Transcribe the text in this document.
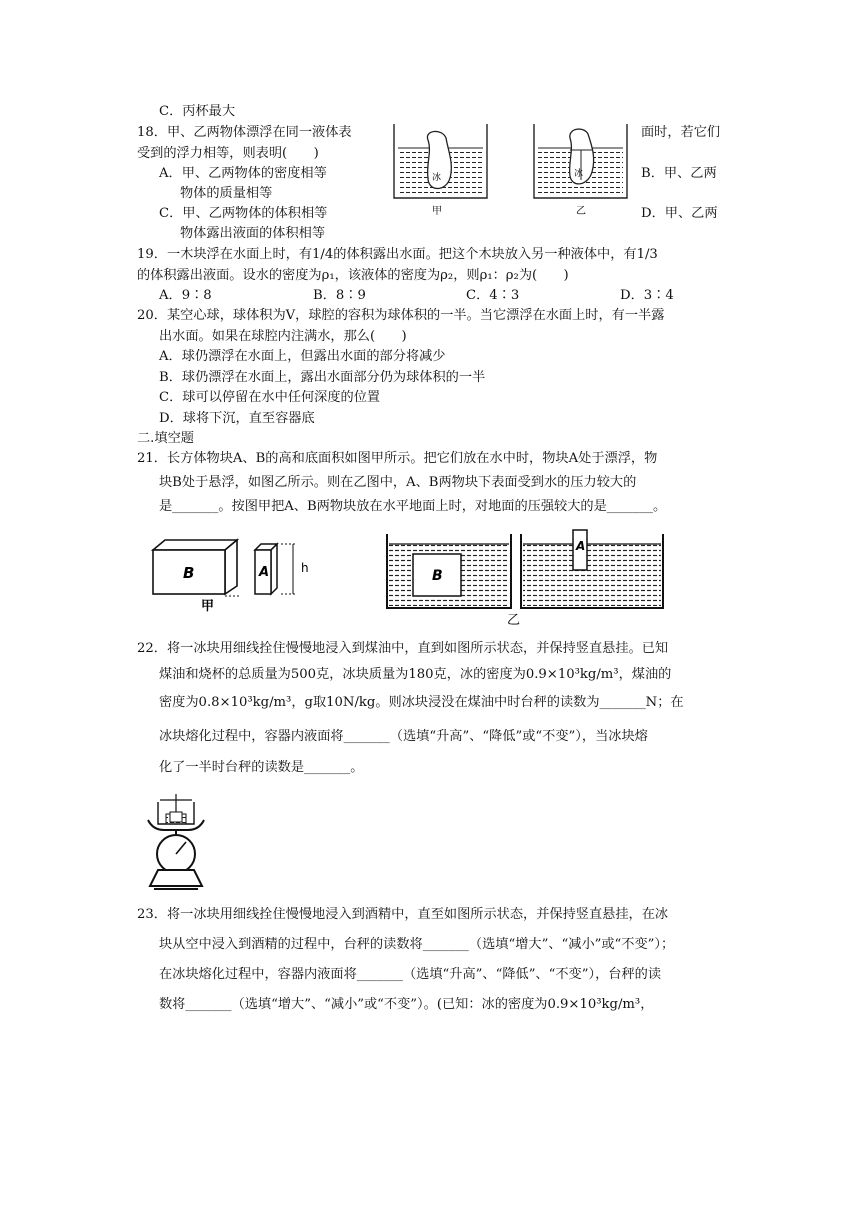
C．丙杯最大
18．甲、乙两物体漂浮在同一液体表	面时，若它们
受到的浮力相等，则表明(　　)
A．甲、乙两物体的密度相等	B．甲、乙两
物体的质量相等
C．甲、乙两物体的体积相等	D．甲、乙两
物体露出液面的体积相等
冰
甲
冰
乙
19．一木块浮在水面上时，有1/4的体积露出水面。把这个木块放入另一种液体中，有1/3
的体积露出液面。设水的密度为ρ₁，该液体的密度为ρ₂，则ρ₁：ρ₂为(　　)
A．9∶8	B．8∶9	C．4∶3	D．3∶4
20．某空心球，球体积为V，球腔的容积为球体积的一半。当它漂浮在水面上时，有一半露
出水面。如果在球腔内注满水，那么(　　)
A．球仍漂浮在水面上，但露出水面的部分将减少
B．球仍漂浮在水面上，露出水面部分仍为球体积的一半
C．球可以停留在水中任何深度的位置
D．球将下沉，直至容器底
二.填空题
21．长方体物块A、B的高和底面积如图甲所示。把它们放在水中时，物块A处于漂浮，物
块B处于悬浮，如图乙所示。则在乙图中，A、B两物块下表面受到水的压力较大的
是_______。按图甲把A、B两物块放在水平地面上时，对地面的压强较大的是_______。
B	A	h
甲
B
A
乙
22．将一冰块用细线拴住慢慢地浸入到煤油中，直到如图所示状态，并保持竖直悬挂。已知
煤油和烧杯的总质量为500克，冰块质量为180克，冰的密度为0.9×10³kg/m³，煤油的
密度为0.8×10³kg/m³，g取10N/kg。则冰块浸没在煤油中时台秤的读数为_______N；在
冰块熔化过程中，容器内液面将_______（选填“升高”、“降低”或“不变”），当冰块熔
化了一半时台秤的读数是_______。
23．将一冰块用细线拴住慢慢地浸入到酒精中，直至如图所示状态，并保持竖直悬挂，在冰
块从空中浸入到酒精的过程中，台秤的读数将_______（选填“增大”、“减小”或“不变”）；
在冰块熔化过程中，容器内液面将_______（选填“升高”、“降低”、“不变”），台秤的读
数将_______（选填“增大”、“减小”或“不变”）。(已知：冰的密度为0.9×10³kg/m³，
